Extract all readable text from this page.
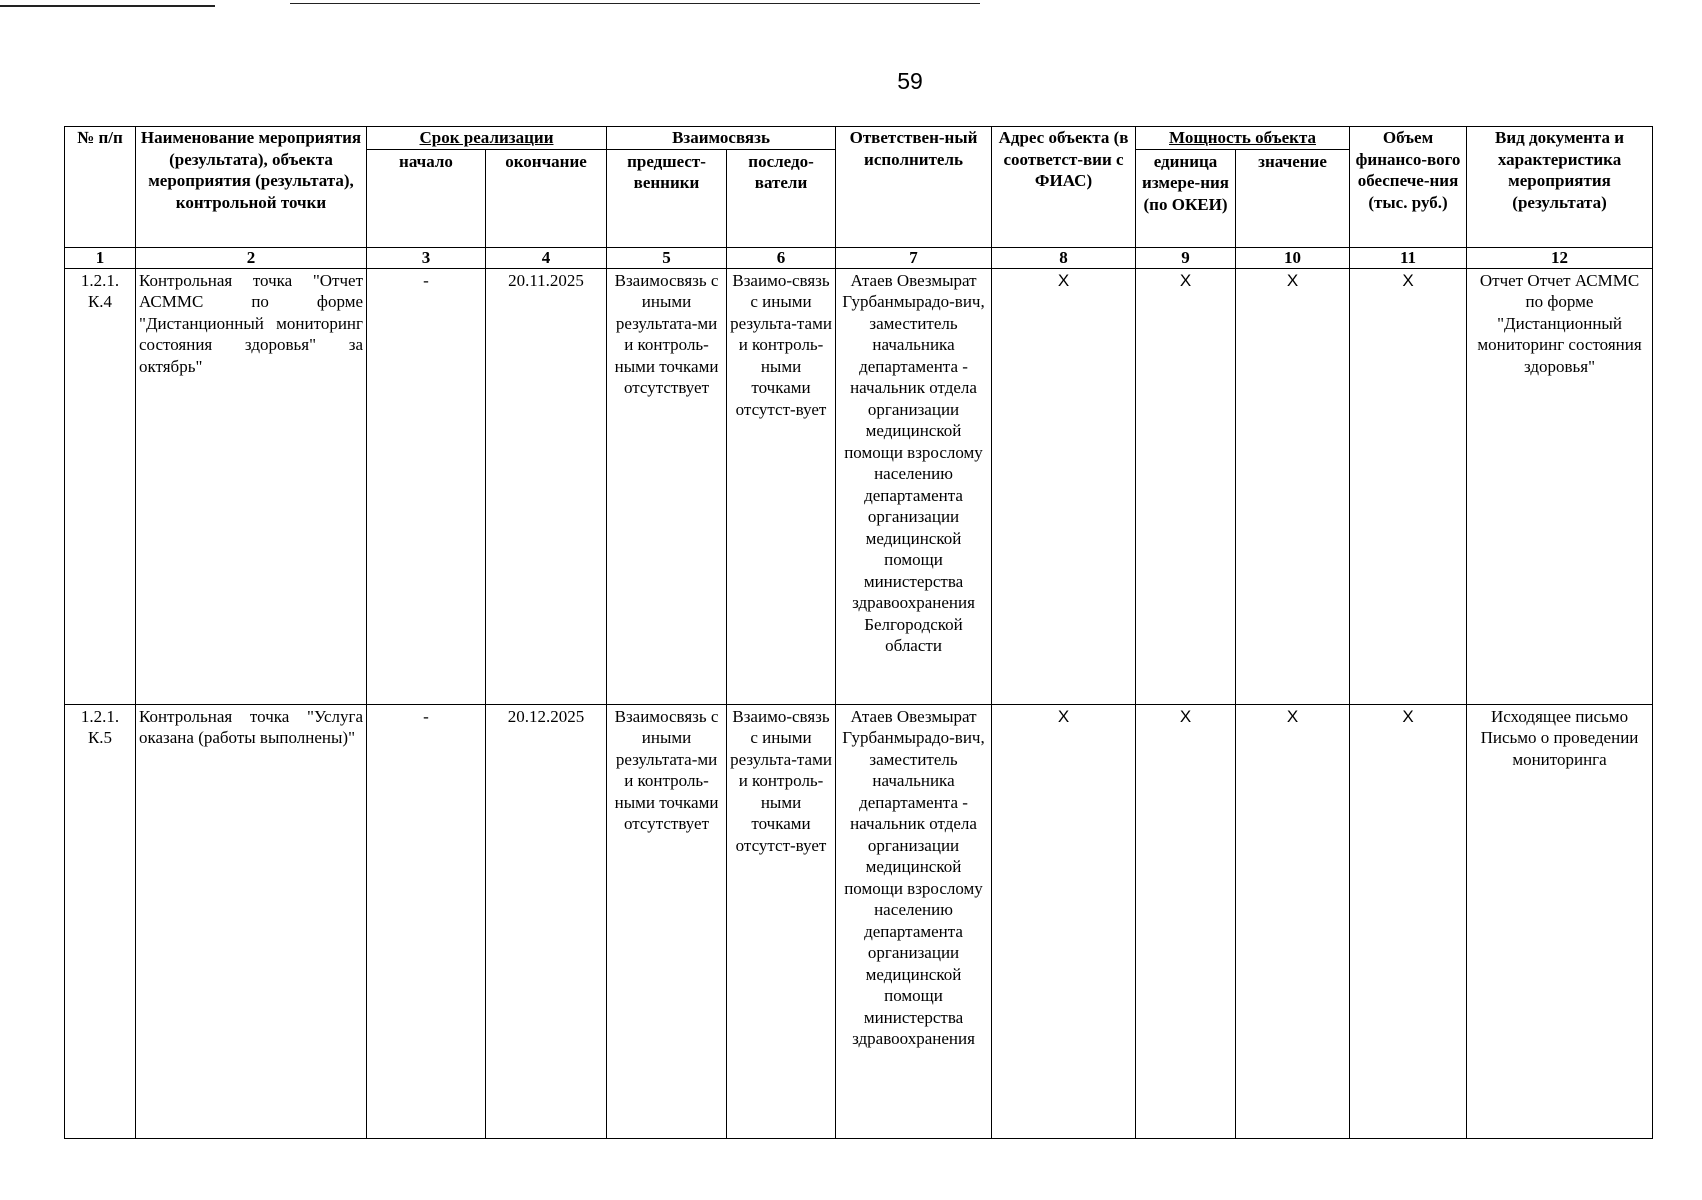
59
№ п/п	Наименование мероприятия (результата), объекта мероприятия (результата), контрольной точки	Срок реализации		Взаимосвязь		Ответствен-ный исполнитель	Адрес объекта (в соответст-вии с ФИАС)	Мощность объекта		Объем финансо-вого обеспече-ния (тыс. руб.)	Вид документа и характеристика мероприятия (результата)
		начало	окончание	предшест-венники	последо-ватели			единица измере-ния (по ОКЕИ)	значение		
1	2	3	4	5	6	7	8	9	10	11	12
1.2.1. К.4	Контрольная точка "Отчет АСММС по форме "Дистанционный мониторинг состояния здоровья" за октябрь"	-	20.11.2025	Взаимосвязь с иными результата-ми и контроль-ными точками отсутствует	Взаимо-связь с иными результа-тами и контроль-ными точками отсутст-вует	Атаев Овезмырат Гурбанмырадо-вич, заместитель начальника департамента - начальник отдела организации медицинской помощи взрослому населению департамента организации медицинской помощи министерства здравоохранения Белгородской области	Х	Х	Х	Х	Отчет Отчет АСММС по форме "Дистанционный мониторинг состояния здоровья"
1.2.1. К.5	Контрольная точка "Услуга оказана (работы выполнены)"	-	20.12.2025	Взаимосвязь с иными результата-ми и контроль-ными точками отсутствует	Взаимо-связь с иными результа-тами и контроль-ными точками отсутст-вует	Атаев Овезмырат Гурбанмырадо-вич, заместитель начальника департамента - начальник отдела организации медицинской помощи взрослому населению департамента организации медицинской помощи министерства здравоохранения	Х	Х	Х	Х	Исходящее письмо Письмо о проведении мониторинга
